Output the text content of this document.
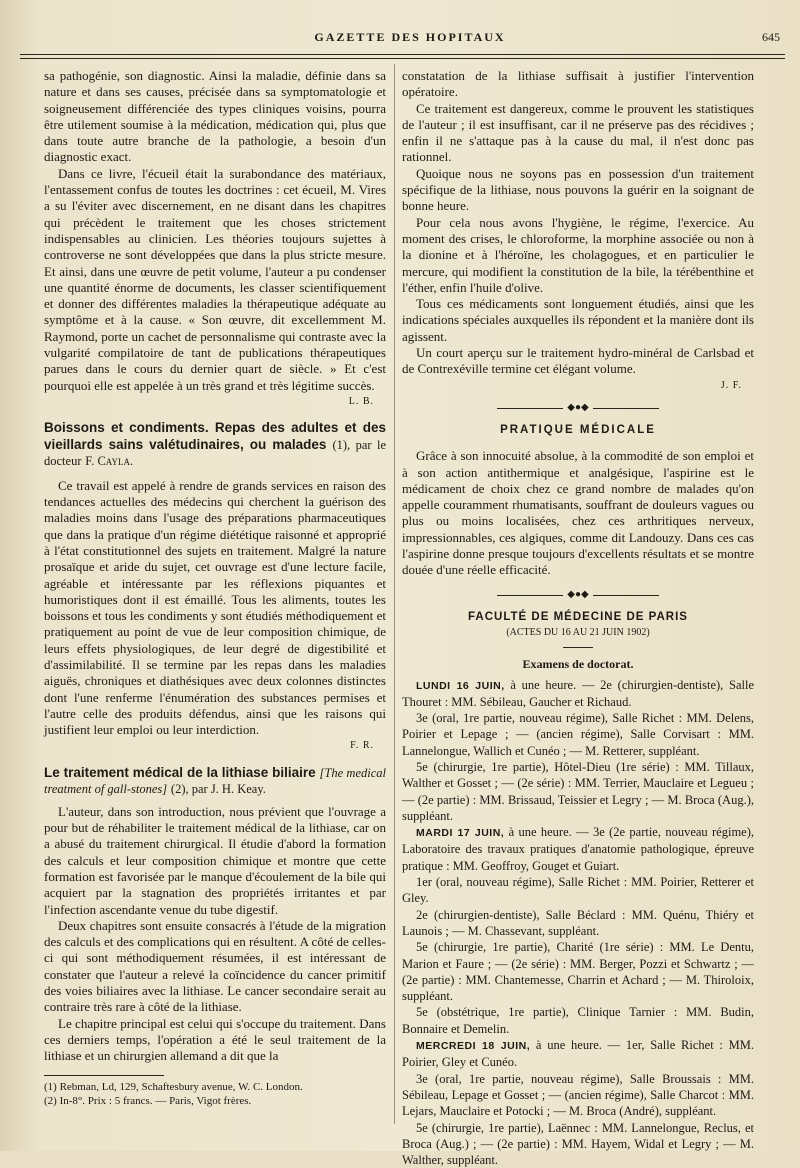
GAZETTE DES HOPITAUX	645

sa pathogénie, son diagnostic. Ainsi la maladie, définie dans sa nature et dans ses causes, précisée dans sa symptomatologie et soigneusement différenciée des types cliniques voisins, pourra être utilement soumise à la médication, médication qui, plus que dans toute autre branche de la pathologie, a besoin d'un diagnostic exact.

Dans ce livre, l'écueil était la surabondance des matériaux, l'entassement confus de toutes les doctrines : cet écueil, M. Vires a su l'éviter avec discernement, en ne disant dans les chapitres qui précèdent le traitement que les choses strictement indispensables au clinicien. Les théories toujours sujettes à controverse ne sont développées que dans la plus stricte mesure. Et ainsi, dans une œuvre de petit volume, l'auteur a pu condenser une quantité énorme de documents, les classer scientifiquement et donner des différentes maladies la thérapeutique adéquate au symptôme et à la cause. « Son œuvre, dit excellemment M. Raymond, porte un cachet de personnalisme qui contraste avec la vulgarité compilatoire de tant de publications thérapeutiques parues dans le cours du dernier quart de siècle. » Et c'est pourquoi elle est appelée à un très grand et très légitime succès.

L. B.

Boissons et condiments. Repas des adultes et des vieillards sains valétudinaires, ou malades (1), par le docteur F. Cayla.

Ce travail est appelé à rendre de grands services en raison des tendances actuelles des médecins qui cherchent la guérison des maladies moins dans l'usage des préparations pharmaceutiques que dans la pratique d'un régime diététique raisonné et approprié à l'état constitutionnel des sujets en traitement. Malgré la nature prosaïque et aride du sujet, cet ouvrage est d'une lecture facile, agréable et intéressante par les réflexions piquantes et humoristiques dont il est émaillé. Tous les aliments, toutes les boissons et tous les condiments y sont étudiés méthodiquement et pratiquement au point de vue de leur composition chimique, de leurs effets physiologiques, de leur degré de digestibilité et d'assimilabilité. Il se termine par les repas dans les maladies aiguës, chroniques et diathésiques avec deux colonnes distinctes dont l'une renferme l'énumération des substances permises et l'autre celle des produits défendus, ainsi que les raisons qui justifient leur emploi ou leur interdiction.

F. R.

Le traitement médical de la lithiase biliaire [The medical treatment of gall-stones] (2), par J. H. Keay.

L'auteur, dans son introduction, nous prévient que l'ouvrage a pour but de réhabiliter le traitement médical de la lithiase, car on a abusé du traitement chirurgical. Il étudie d'abord la formation des calculs et leur composition chimique et montre que cette formation est favorisée par le manque d'écoulement de la bile qui acquiert par la stagnation des propriétés irritantes et par l'infection ascendante venue du tube digestif.

Deux chapitres sont ensuite consacrés à l'étude de la migration des calculs et des complications qui en résultent. A côté de celles-ci qui sont méthodiquement résumées, il est intéressant de constater que l'auteur a relevé la coïncidence du cancer primitif des voies biliaires avec la lithiase. Le cancer secondaire serait au contraire très rare à côté de la lithiase.

Le chapitre principal est celui qui s'occupe du traitement. Dans ces derniers temps, l'opération a été le seul traitement de la lithiase et un chirurgien allemand a dit que la

(1) Rebman, Ld, 129, Schaftesbury avenue, W. C. London.

(2) In-8°. Prix : 5 francs. — Paris, Vigot frères.

constatation de la lithiase suffisait à justifier l'intervention opératoire.

Ce traitement est dangereux, comme le prouvent les statistiques de l'auteur ; il est insuffisant, car il ne préserve pas des récidives ; enfin il ne s'attaque pas à la cause du mal, il n'est donc pas rationnel.

Quoique nous ne soyons pas en possession d'un traitement spécifique de la lithiase, nous pouvons la guérir en la soignant de bonne heure.

Pour cela nous avons l'hygiène, le régime, l'exercice. Au moment des crises, le chloroforme, la morphine associée ou non à la dionine et à l'héroïne, les cholagogues, et en particulier le mercure, qui modifient la constitution de la bile, la térébenthine et l'éther, enfin l'huile d'olive.

Tous ces médicaments sont longuement étudiés, ainsi que les indications spéciales auxquelles ils répondent et la manière dont ils agissent.

Un court aperçu sur le traitement hydro-minéral de Carlsbad et de Contrexéville termine cet élégant volume.

J. F.

◆●◆

PRATIQUE MÉDICALE

Grâce à son innocuité absolue, à la commodité de son emploi et à son action antithermique et analgésique, l'aspirine est le médicament de choix chez ce grand nombre de malades qu'on appelle couramment rhumatisants, souffrant de douleurs vagues ou plus ou moins localisées, chez ces arthritiques nerveux, impressionnables, ces algiques, comme dit Landouzy. Dans ces cas l'aspirine donne presque toujours d'excellents résultats et se montre douée d'une réelle efficacité.

◆●◆

FACULTÉ DE MÉDECINE DE PARIS

(ACTES DU 16 AU 21 JUIN 1902)

Examens de doctorat.

LUNDI 16 JUIN, à une heure. — 2e (chirurgien-dentiste), Salle Thouret : MM. Sébileau, Gaucher et Richaud.

3e (oral, 1re partie, nouveau régime), Salle Richet : MM. Delens, Poirier et Lepage ; — (ancien régime), Salle Corvisart : MM. Lannelongue, Wallich et Cunéo ; — M. Retterer, suppléant.

5e (chirurgie, 1re partie), Hôtel-Dieu (1re série) : MM. Tillaux, Walther et Gosset ; — (2e série) : MM. Terrier, Mauclaire et Legueu ; — (2e partie) : MM. Brissaud, Teissier et Legry ; — M. Broca (Aug.), suppléant.

MARDI 17 JUIN, à une heure. — 3e (2e partie, nouveau régime), Laboratoire des travaux pratiques d'anatomie pathologique, épreuve pratique : MM. Geoffroy, Gouget et Guiart.

1er (oral, nouveau régime), Salle Richet : MM. Poirier, Retterer et Gley.

2e (chirurgien-dentiste), Salle Béclard : MM. Quénu, Thiéry et Launois ; — M. Chassevant, suppléant.

5e (chirurgie, 1re partie), Charité (1re série) : MM. Le Dentu, Marion et Faure ; — (2e série) : MM. Berger, Pozzi et Schwartz ; — (2e partie) : MM. Chantemesse, Charrin et Achard ; — M. Thiroloix, suppléant.

5e (obstétrique, 1re partie), Clinique Tarnier : MM. Budin, Bonnaire et Demelin.

MERCREDI 18 JUIN, à une heure. — 1er, Salle Richet : MM. Poirier, Gley et Cunéo.

3e (oral, 1re partie, nouveau régime), Salle Broussais : MM. Sébileau, Lepage et Gosset ; — (ancien régime), Salle Charcot : MM. Lejars, Mauclaire et Potocki ; — M. Broca (André), suppléant.

5e (chirurgie, 1re partie), Laënnec : MM. Lannelongue, Reclus, et Broca (Aug.) ; — (2e partie) : MM. Hayem, Widal et Legry ; — M. Walther, suppléant.
